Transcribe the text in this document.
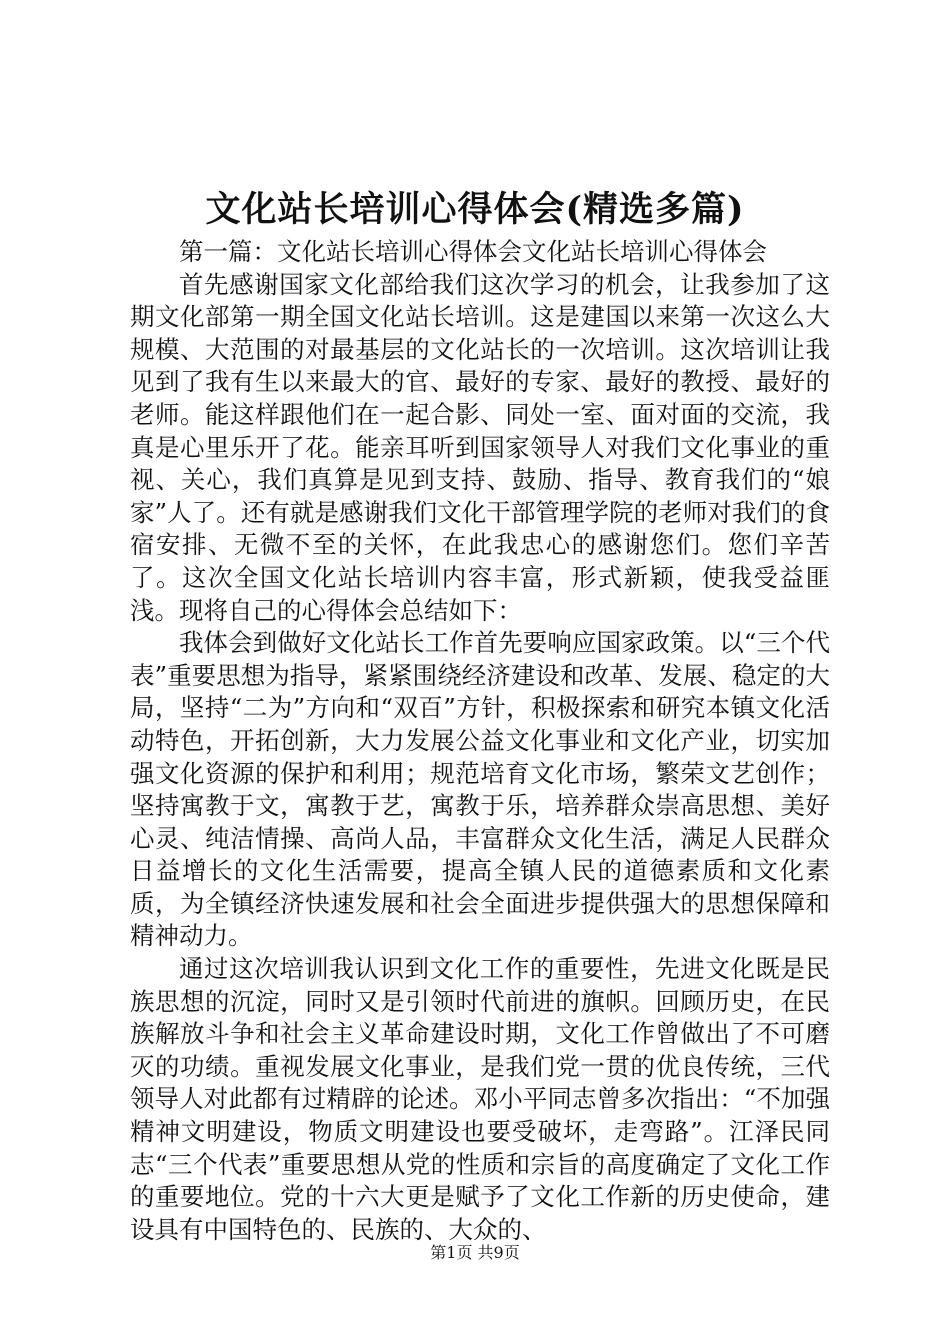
文化站长培训心得体会(精选多篇)

第一篇：文化站长培训心得体会文化站长培训心得体会

首先感谢国家文化部给我们这次学习的机会，让我参加了这期文化部第一期全国文化站长培训。这是建国以来第一次这么大规模、大范围的对最基层的文化站长的一次培训。这次培训让我见到了我有生以来最大的官、最好的专家、最好的教授、最好的老师。能这样跟他们在一起合影、同处一室、面对面的交流，我真是心里乐开了花。能亲耳听到国家领导人对我们文化事业的重视、关心，我们真算是见到支持、鼓励、指导、教育我们的“娘家”人了。还有就是感谢我们文化干部管理学院的老师对我们的食宿安排、无微不至的关怀，在此我忠心的感谢您们。您们辛苦了。这次全国文化站长培训内容丰富，形式新颖，使我受益匪浅。现将自己的心得体会总结如下：

我体会到做好文化站长工作首先要响应国家政策。以“三个代表”重要思想为指导，紧紧围绕经济建设和改革、发展、稳定的大局，坚持“二为”方向和“双百”方针，积极探索和研究本镇文化活动特色，开拓创新，大力发展公益文化事业和文化产业，切实加强文化资源的保护和利用；规范培育文化市场，繁荣文艺创作；坚持寓教于文，寓教于艺，寓教于乐，培养群众崇高思想、美好心灵、纯洁情操、高尚人品，丰富群众文化生活，满足人民群众日益增长的文化生活需要，提高全镇人民的道德素质和文化素质，为全镇经济快速发展和社会全面进步提供强大的思想保障和精神动力。

通过这次培训我认识到文化工作的重要性，先进文化既是民族思想的沉淀，同时又是引领时代前进的旗帜。回顾历史，在民族解放斗争和社会主义革命建设时期，文化工作曾做出了不可磨灭的功绩。重视发展文化事业，是我们党一贯的优良传统，三代领导人对此都有过精辟的论述。邓小平同志曾多次指出：“不加强精神文明建设，物质文明建设也要受破坏，走弯路”。江泽民同志“三个代表”重要思想从党的性质和宗旨的高度确定了文化工作的重要地位。党的十六大更是赋予了文化工作新的历史使命，建设具有中国特色的、民族的、大众的、

第1页 共9页
